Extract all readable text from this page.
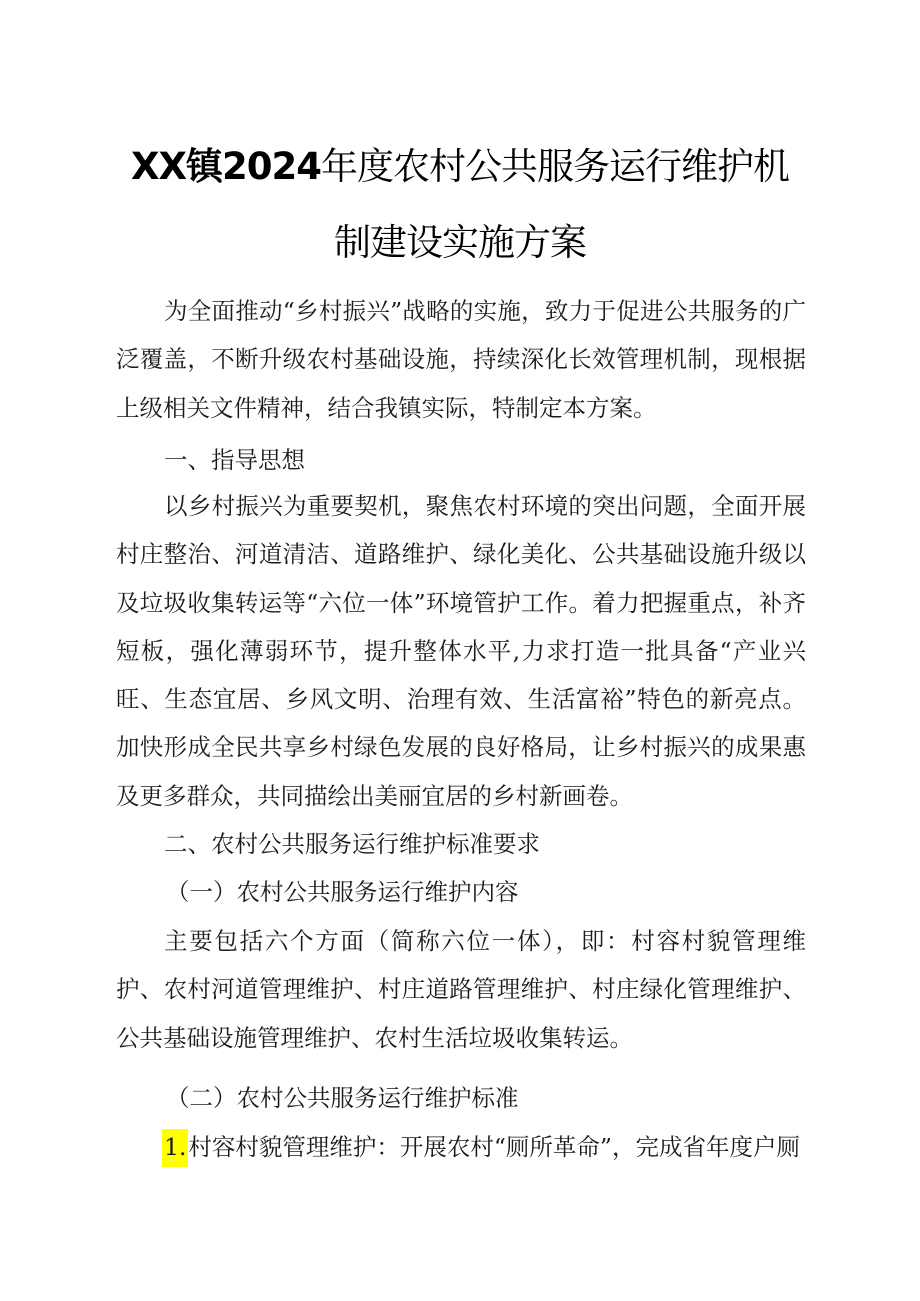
XX镇2024年度农村公共服务运行维护机
制建设实施方案

为全面推动“乡村振兴”战略的实施，致力于促进公共服务的广泛覆盖，不断升级农村基础设施，持续深化长效管理机制，现根据上级相关文件精神，结合我镇实际，特制定本方案。

一、指导思想

以乡村振兴为重要契机，聚焦农村环境的突出问题，全面开展村庄整治、河道清洁、道路维护、绿化美化、公共基础设施升级以及垃圾收集转运等“六位一体”环境管护工作。着力把握重点，补齐短板，强化薄弱环节，提升整体水平,力求打造一批具备“产业兴旺、生态宜居、乡风文明、治理有效、生活富裕”特色的新亮点。加快形成全民共享乡村绿色发展的良好格局，让乡村振兴的成果惠及更多群众，共同描绘出美丽宜居的乡村新画卷。

二、农村公共服务运行维护标准要求

（一）农村公共服务运行维护内容

主要包括六个方面（简称六位一体），即：村容村貌管理维护、农村河道管理维护、村庄道路管理维护、村庄绿化管理维护、公共基础设施管理维护、农村生活垃圾收集转运。

（二）农村公共服务运行维护标准

1.村容村貌管理维护：开展农村“厕所革命”，完成省年度户厕
